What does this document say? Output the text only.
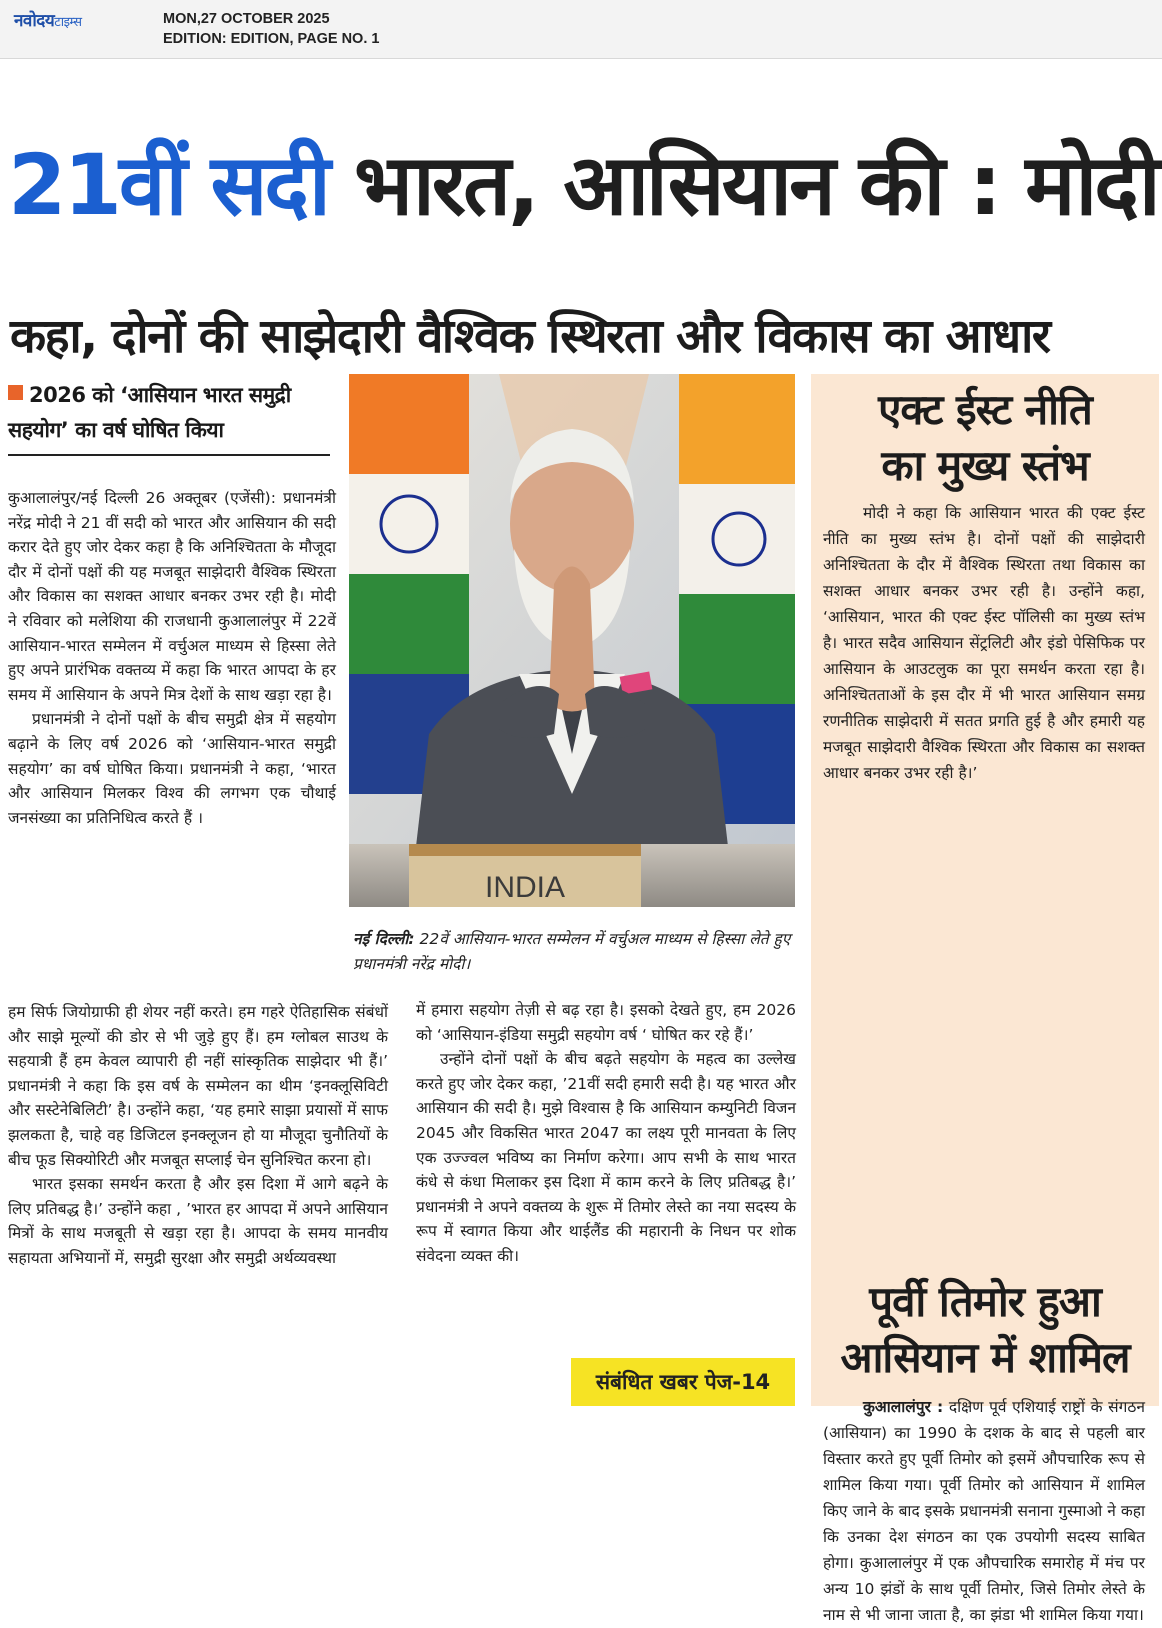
नवोदयटाइम्स	MON,27 OCTOBER 2025
EDITION: EDITION, PAGE NO. 1
21वीं सदी भारत, आसियान की : मोदी
कहा, दोनों की साझेदारी वैश्विक स्थिरता और विकास का आधार
2026 को ‘आसियान भारत समुद्री सहयोग’ का वर्ष घोषित किया

कुआलालंपुर/नई दिल्ली 26 अक्तूबर (एजेंसी): प्रधानमंत्री नरेंद्र मोदी ने 21 वीं सदी को भारत और आसियान की सदी करार देते हुए जोर देकर कहा है कि अनिश्चितता के मौजूदा दौर में दोनों पक्षों की यह मजबूत साझेदारी वैश्विक स्थिरता और विकास का सशक्त आधार बनकर उभर रही है। मोदी ने रविवार को मलेशिया की राजधानी कुआलालंपुर में 22वें आसियान-भारत सम्मेलन में वर्चुअल माध्यम से हिस्सा लेते हुए अपने प्रारंभिक वक्तव्य में कहा कि भारत आपदा के हर समय में आसियान के अपने मित्र देशों के साथ खड़ा रहा है।

प्रधानमंत्री ने दोनों पक्षों के बीच समुद्री क्षेत्र में सहयोग बढ़ाने के लिए वर्ष 2026 को ‘आसियान-भारत समुद्री सहयोग’ का वर्ष घोषित किया। प्रधानमंत्री ने कहा, ‘भारत और आसियान मिलकर विश्व की लगभग एक चौथाई जनसंख्या का प्रतिनिधित्व करते हैं ।

हम सिर्फ जियोग्राफी ही शेयर नहीं करते। हम गहरे ऐतिहासिक संबंधों और साझे मूल्यों की डोर से भी जुड़े हुए हैं। हम ग्लोबल साउथ के सहयात्री हैं हम केवल व्यापारी ही नहीं सांस्कृतिक साझेदार भी हैं।’ प्रधानमंत्री ने कहा कि इस वर्ष के सम्मेलन का थीम ‘इनक्लूसिविटी और सस्टेनेबिलिटी’ है। उन्होंने कहा, ‘यह हमारे साझा प्रयासों में साफ झलकता है, चाहे वह डिजिटल इनक्लूजन हो या मौजूदा चुनौतियों के बीच फूड सिक्योरिटी और मजबूत सप्लाई चेन सुनिश्चित करना हो।

भारत इसका समर्थन करता है और इस दिशा में आगे बढ़ने के लिए प्रतिबद्ध है।’ उन्होंने कहा , ’भारत हर आपदा में अपने आसियान मित्रों के साथ मजबूती से खड़ा रहा है। आपदा के समय मानवीय सहायता अभियानों में, समुद्री सुरक्षा और समुद्री अर्थव्यवस्था

में हमारा सहयोग तेज़ी से बढ़ रहा है। इसको देखते हुए, हम 2026 को ‘आसियान-इंडिया समुद्री सहयोग वर्ष ‘ घोषित कर रहे हैं।’

उन्होंने दोनों पक्षों के बीच बढ़ते सहयोग के महत्व का उल्लेख करते हुए जोर देकर कहा, ’21वीं सदी हमारी सदी है। यह भारत और आसियान की सदी है। मुझे विश्वास है कि आसियान कम्युनिटी विजन 2045 और विकसित भारत 2047 का लक्ष्य पूरी मानवता के लिए एक उज्ज्वल भविष्य का निर्माण करेगा। आप सभी के साथ भारत कंधे से कंधा मिलाकर इस दिशा में काम करने के लिए प्रतिबद्ध है।’ प्रधानमंत्री ने अपने वक्तव्य के शुरू में तिमोर लेस्ते का नया सदस्य के रूप में स्वागत किया और थाईलैंड की महारानी के निधन पर शोक संवेदना व्यक्त की।

INDIA
नई दिल्ली: 22वें आसियान-भारत सम्मेलन में वर्चुअल माध्यम से हिस्सा लेते हुए प्रधानमंत्री नरेंद्र मोदी।
संबंधित खबर पेज-14
एक्ट ईस्ट नीति
का मुख्य स्तंभ

मोदी ने कहा कि आसियान भारत की एक्ट ईस्ट नीति का मुख्य स्तंभ है। दोनों पक्षों की साझेदारी अनिश्चितता के दौर में वैश्विक स्थिरता तथा विकास का सशक्त आधार बनकर उभर रही है। उन्होंने कहा, ‘आसियान, भारत की एक्ट ईस्ट पॉलिसी का मुख्य स्तंभ है। भारत सदैव आसियान सेंट्रलिटी और इंडो पेसिफिक पर आसियान के आउटलुक का पूरा समर्थन करता रहा है। अनिश्चितताओं के इस दौर में भी भारत आसियान समग्र रणनीतिक साझेदारी में सतत प्रगति हुई है और हमारी यह मजबूत साझेदारी वैश्विक स्थिरता और विकास का सशक्त आधार बनकर उभर रही है।’

पूर्वी तिमोर हुआ
आसियान में शामिल

कुआलालंपुर : दक्षिण पूर्व एशियाई राष्ट्रों के संगठन (आसियान) का 1990 के दशक के बाद से पहली बार विस्तार करते हुए पूर्वी तिमोर को इसमें औपचारिक रूप से शामिल किया गया। पूर्वी तिमोर को आसियान में शामिल किए जाने के बाद इसके प्रधानमंत्री सनाना गुस्माओ ने कहा कि उनका देश संगठन का एक उपयोगी सदस्य साबित होगा। कुआलालंपुर में एक औपचारिक समारोह में मंच पर अन्य 10 झंडों के साथ पूर्वी तिमोर, जिसे तिमोर लेस्ते के नाम से भी जाना जाता है, का झंडा भी शामिल किया गया।
